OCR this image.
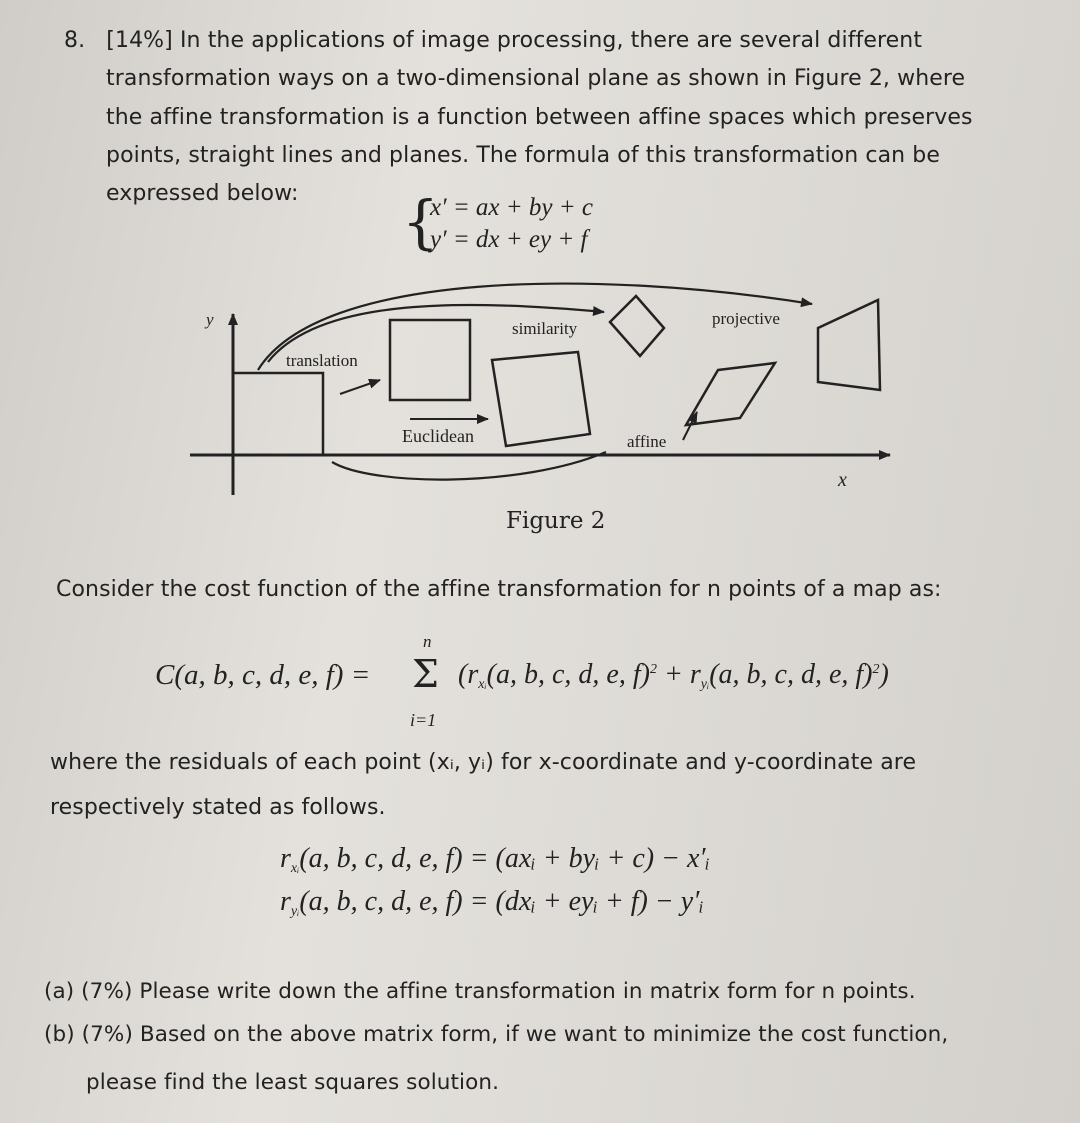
8. [14%] In the applications of image processing, there are several different
transformation ways on a two-dimensional plane as shown in Figure 2, where
the affine transformation is a function between affine spaces which preserves
points, straight lines and planes. The formula of this transformation can be
expressed below: {
x′ = ax + by + c
y′ = dx + ey + f
y
x
translation
Euclidean
similarity
affine
projective
Figure 2
Consider the cost function of the affine transformation for n points of a map as:
C(a, b, c, d, e, f) =
n
Σ
i=1
($r_{xᵢ}(a$, b, c, d, e, $f)^2 + r_{yᵢ}(a$, b, c, d, e, f)$^2$)
where the residuals of each point (xᵢ, yᵢ) for x-coordinate and y-coordinate are
respectively stated as follows.
$r_{xᵢ}(a$, b, c, d, e, f) = (axᵢ + byᵢ + c) − x′ᵢ
$r_{yᵢ}(a$, b, c, d, e, f) = (dxᵢ + eyᵢ + f) − y′ᵢ
(a) (7%) Please write down the affine transformation in matrix form for n points.
(b) (7%) Based on the above matrix form, if we want to minimize the cost function,
please find the least squares solution.
